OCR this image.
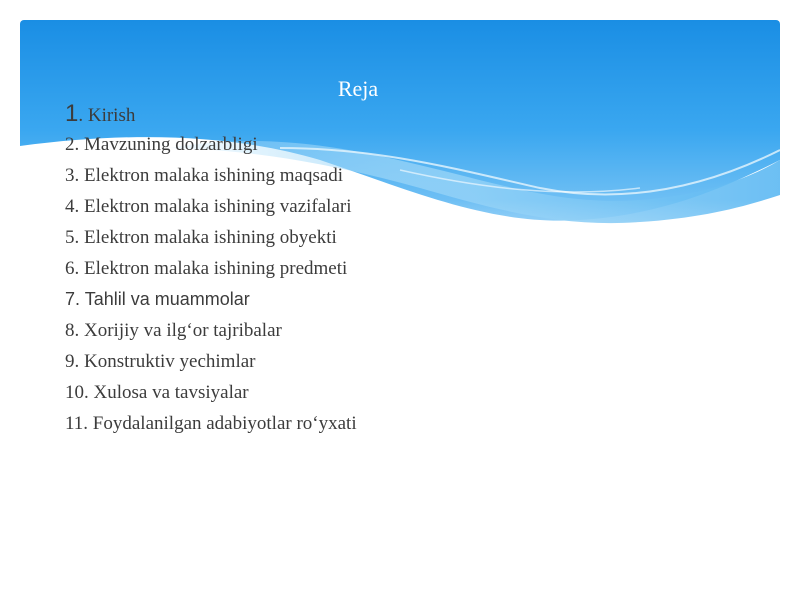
Reja
1. Kirish
2. Mavzuning dolzarbligi
3. Elektron malaka ishining maqsadi
4. Elektron malaka ishining vazifalari
5. Elektron malaka ishining obyekti
6. Elektron malaka ishining predmeti
7. Tahlil va muammolar
8. Xorijiy va ilg‘or tajribalar
9. Konstruktiv yechimlar
10. Xulosa va tavsiyalar
11. Foydalanilgan adabiyotlar ro‘yxati
